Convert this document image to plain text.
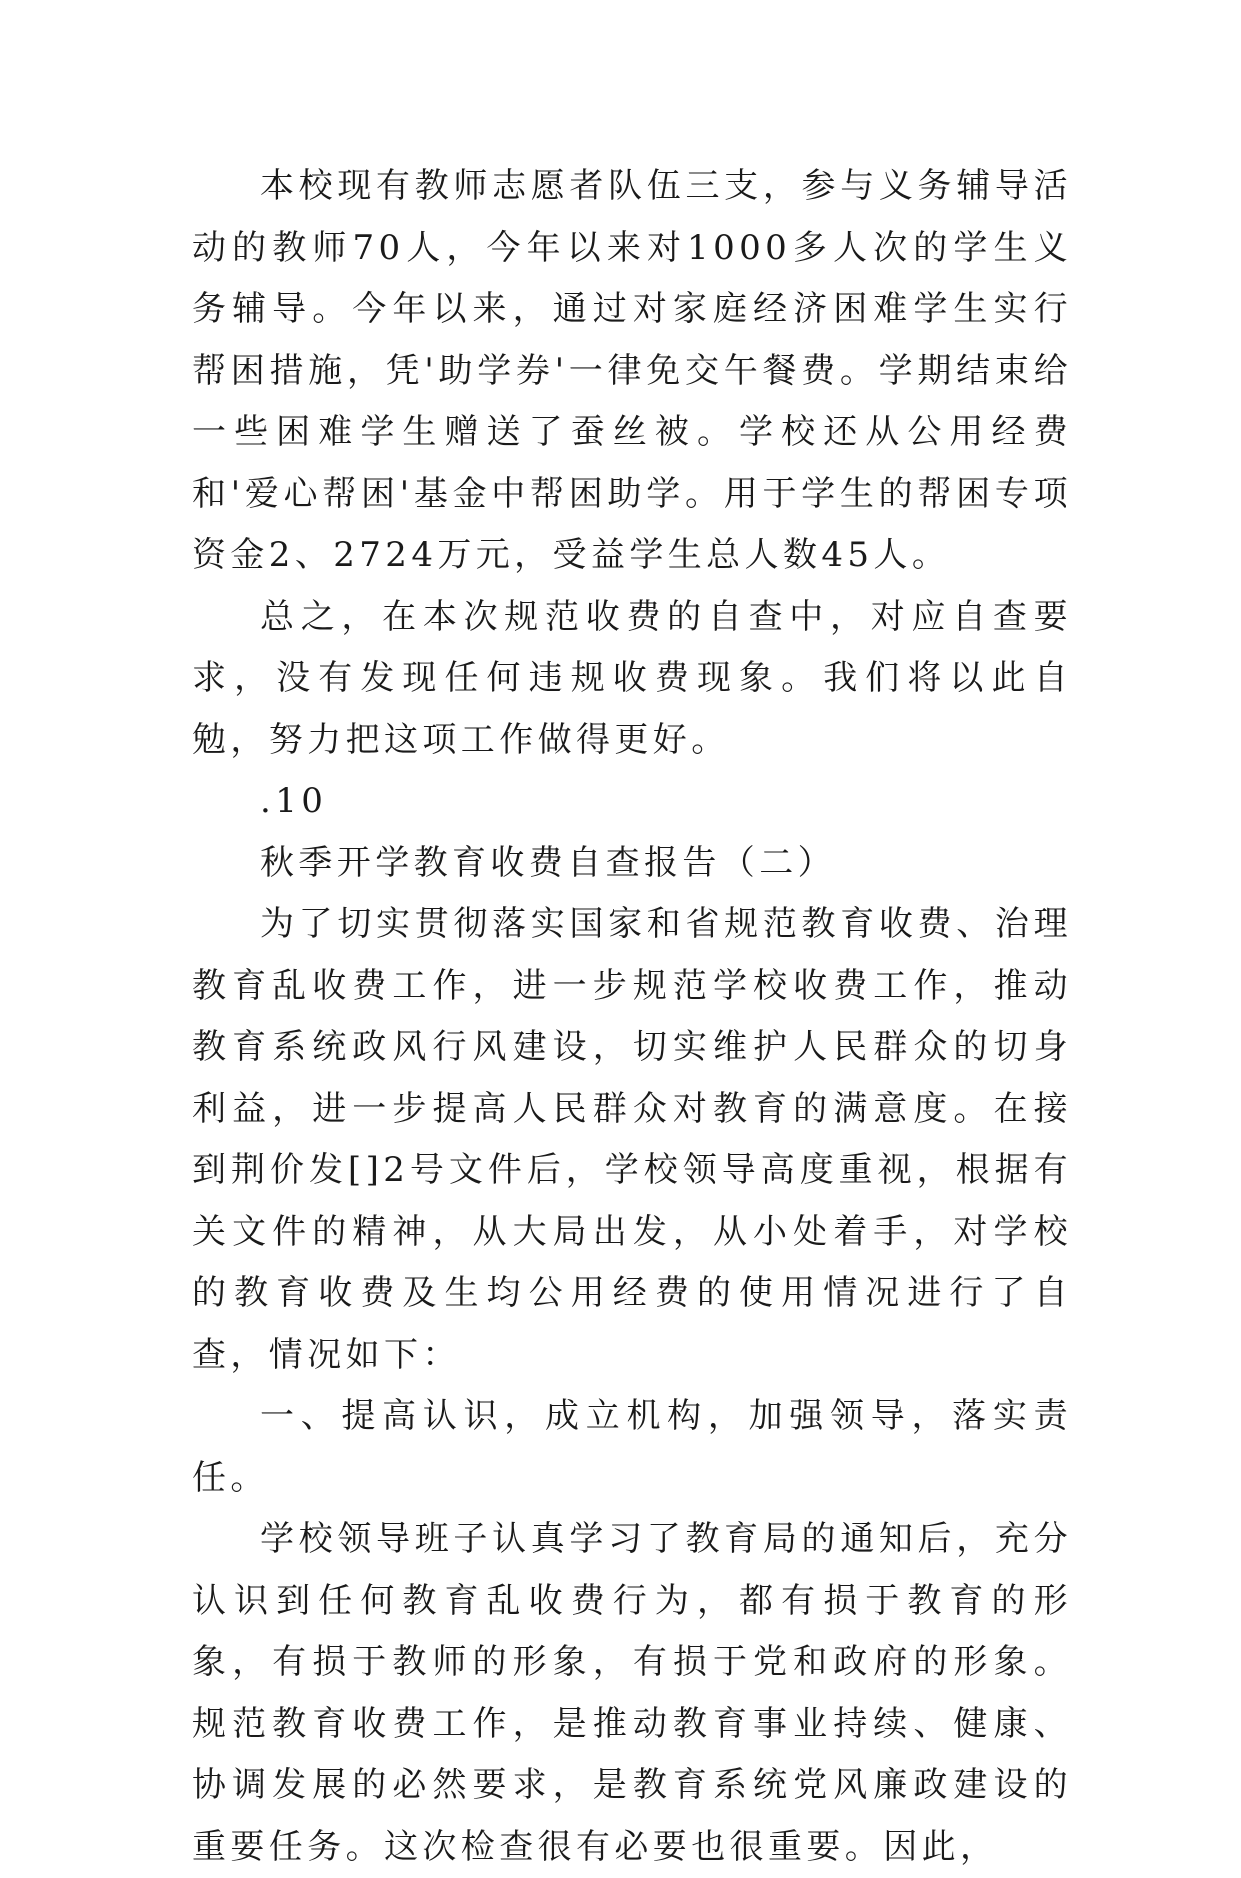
本校现有教师志愿者队伍三支，参与义务辅导活动的教师70人，今年以来对1000多人次的学生义务辅导。今年以来，通过对家庭经济困难学生实行帮困措施，凭'助学券'一律免交午餐费。学期结束给一些困难学生赠送了蚕丝被。学校还从公用经费和'爱心帮困'基金中帮困助学。用于学生的帮困专项资金2、2724万元，受益学生总人数45人。

总之，在本次规范收费的自查中，对应自查要求，没有发现任何违规收费现象。我们将以此自勉，努力把这项工作做得更好。

.10

秋季开学教育收费自查报告（二）

为了切实贯彻落实国家和省规范教育收费、治理教育乱收费工作，进一步规范学校收费工作，推动教育系统政风行风建设，切实维护人民群众的切身利益，进一步提高人民群众对教育的满意度。在接到荆价发[]2号文件后，学校领导高度重视，根据有关文件的精神，从大局出发，从小处着手，对学校的教育收费及生均公用经费的使用情况进行了自查，情况如下：

一、提高认识，成立机构，加强领导，落实责任。

学校领导班子认真学习了教育局的通知后，充分认识到任何教育乱收费行为，都有损于教育的形象，有损于教师的形象，有损于党和政府的形象。规范教育收费工作，是推动教育事业持续、健康、协调发展的必然要求，是教育系统党风廉政建设的重要任务。这次检查很有必要也很重要。因此，
